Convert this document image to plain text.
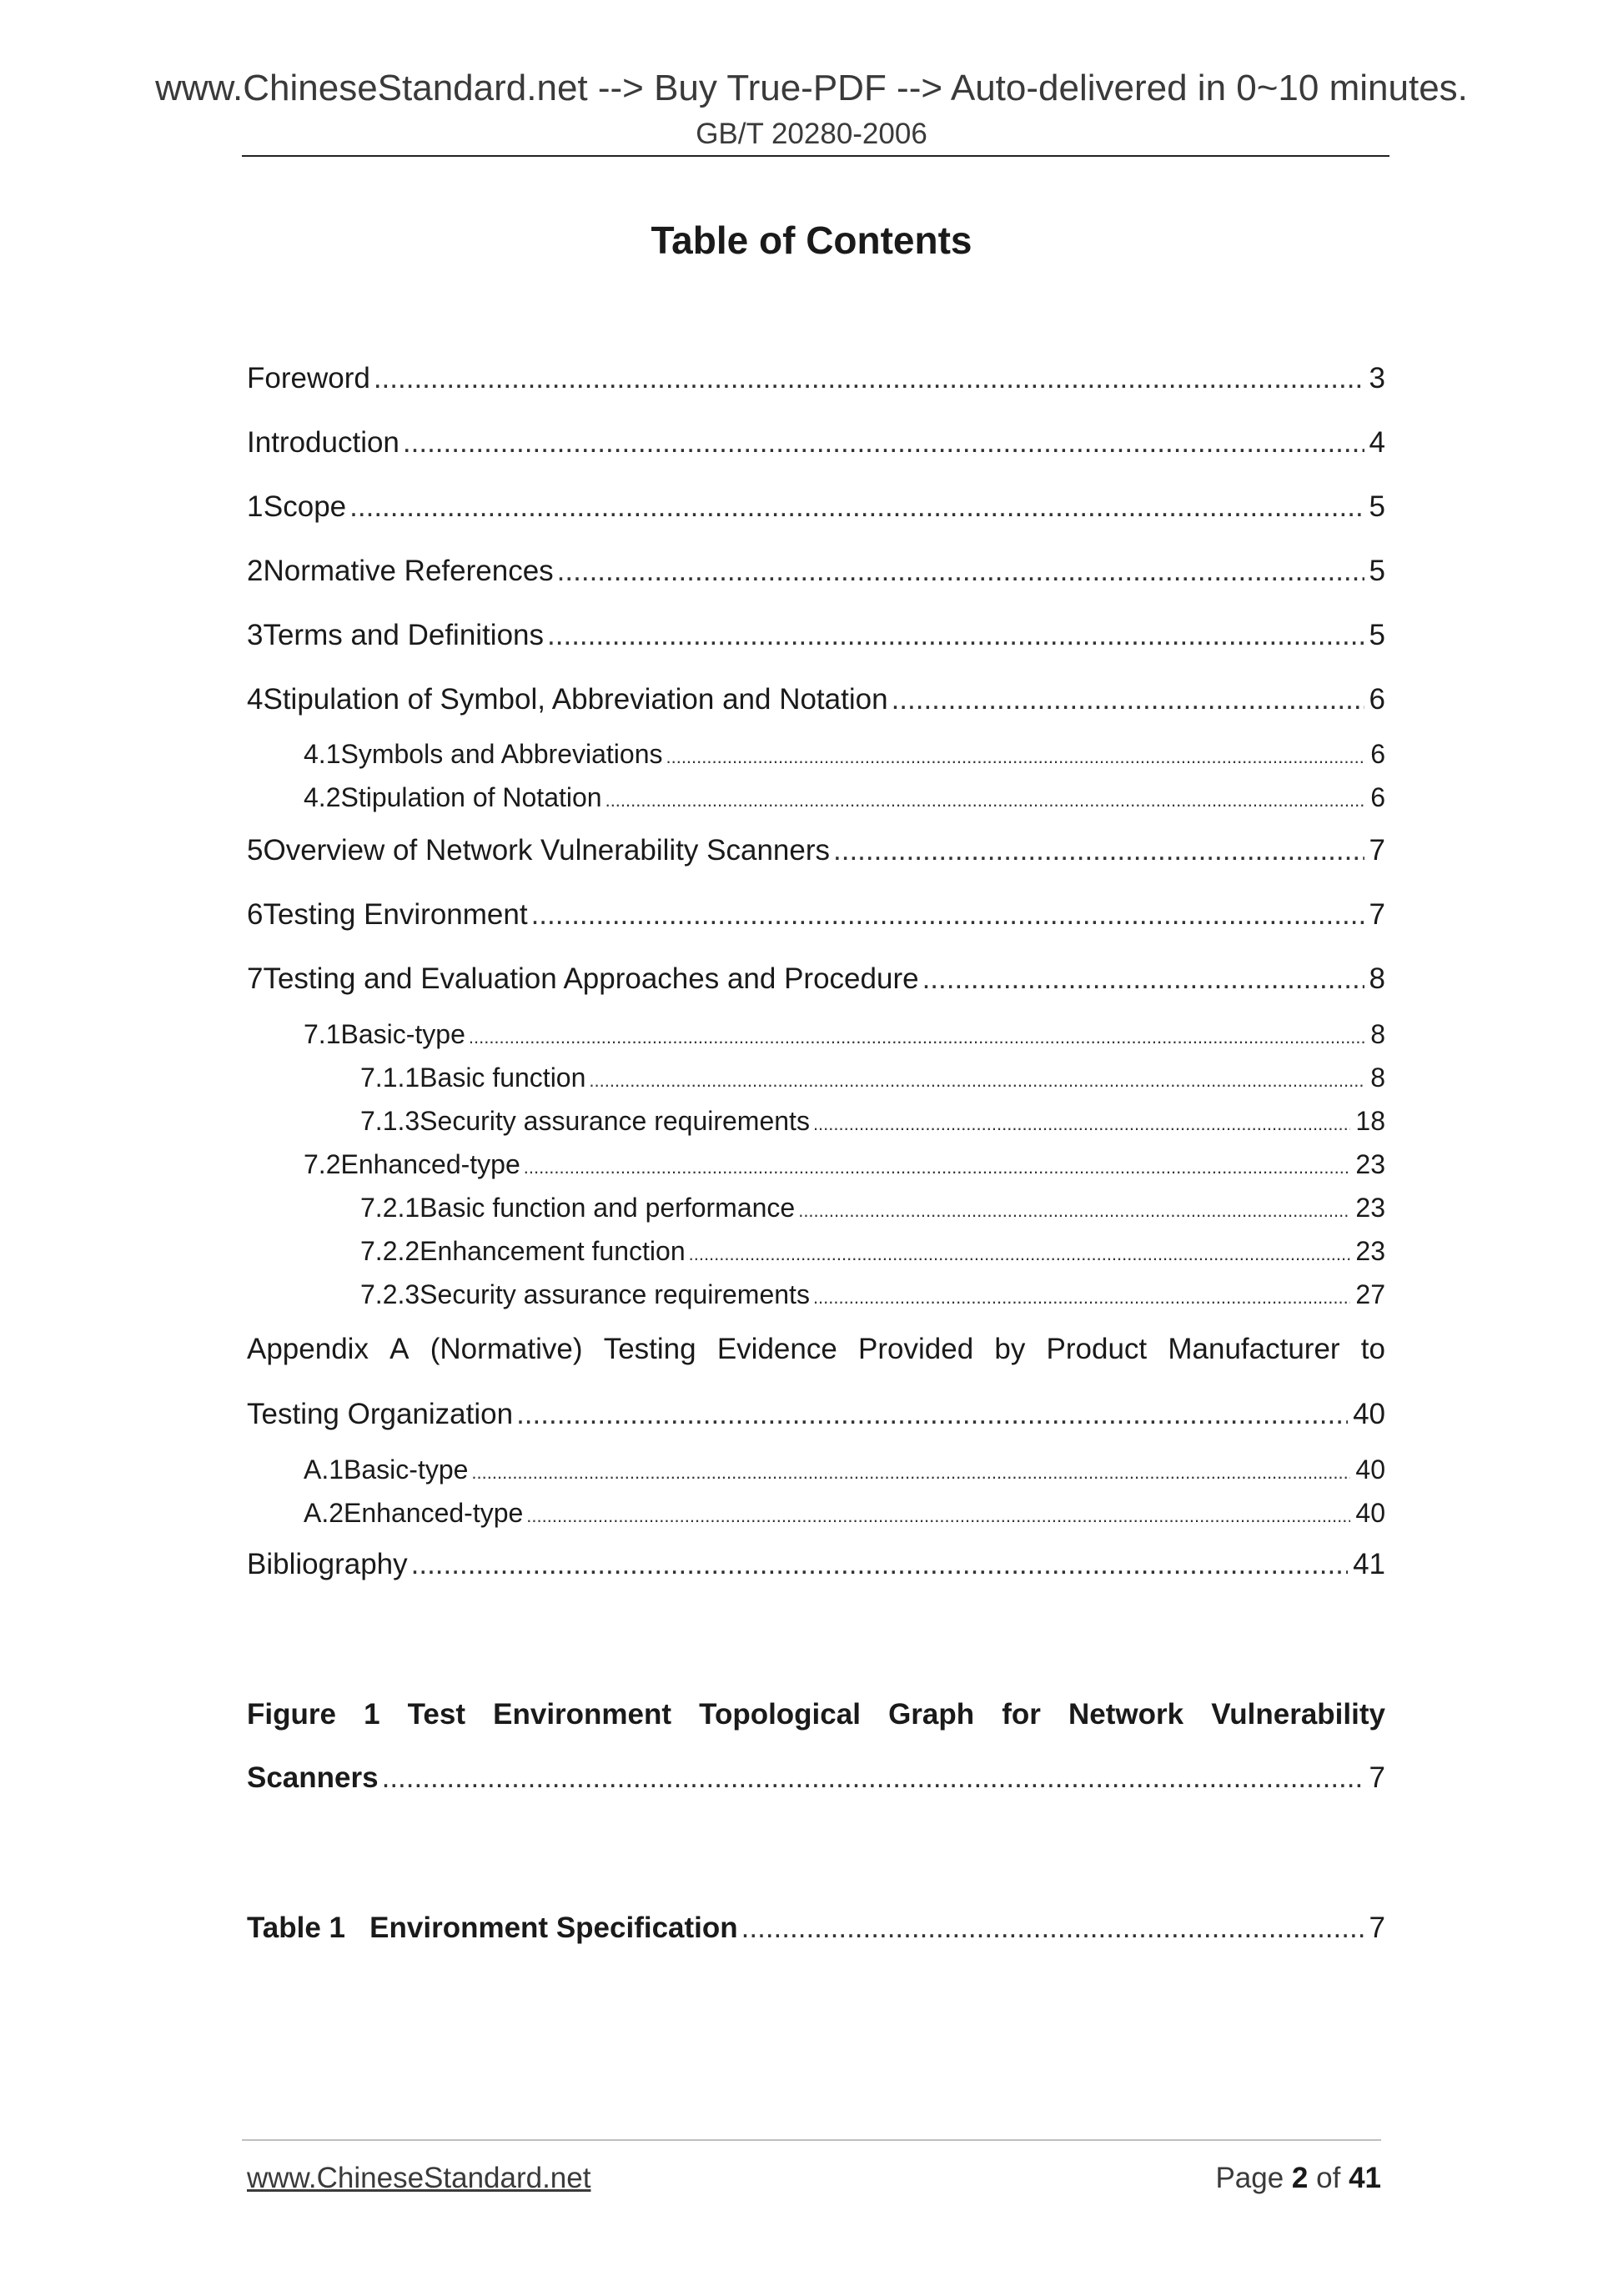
www.ChineseStandard.net --> Buy True-PDF --> Auto-delivered in 0~10 minutes.
GB/T 20280-2006
Table of Contents
Foreword
.....	3
Introduction
.....	4
1 Scope
.....	5
2 Normative References
.....	5
3 Terms and Definitions
.....	5
4 Stipulation of Symbol, Abbreviation and Notation
.....	6
4.1 Symbols and Abbreviations
.....	6
4.2 Stipulation of Notation
.....	6
5 Overview of Network Vulnerability Scanners
.....	7
6 Testing Environment
.....	7
7 Testing and Evaluation Approaches and Procedure
.....	8
7.1 Basic-type
.....	8
7.1.1 Basic function
.....	8
7.1.3 Security assurance requirements
.....	18
7.2 Enhanced-type
.....	23
7.2.1 Basic function and performance
.....	23
7.2.2 Enhancement function
.....	23
7.2.3 Security assurance requirements
.....	27
Appendix A (Normative) Testing Evidence Provided by Product Manufacturer to
Testing Organization
.....	40
A.1 Basic-type
.....	40
A.2 Enhanced-type
.....	40
Bibliography
.....	41
Figure 1 Test Environment Topological Graph for Network Vulnerability
Scanners
.....	7
Table 1   Environment Specification
.....	7
www.ChineseStandard.net	Page 2 of 41
